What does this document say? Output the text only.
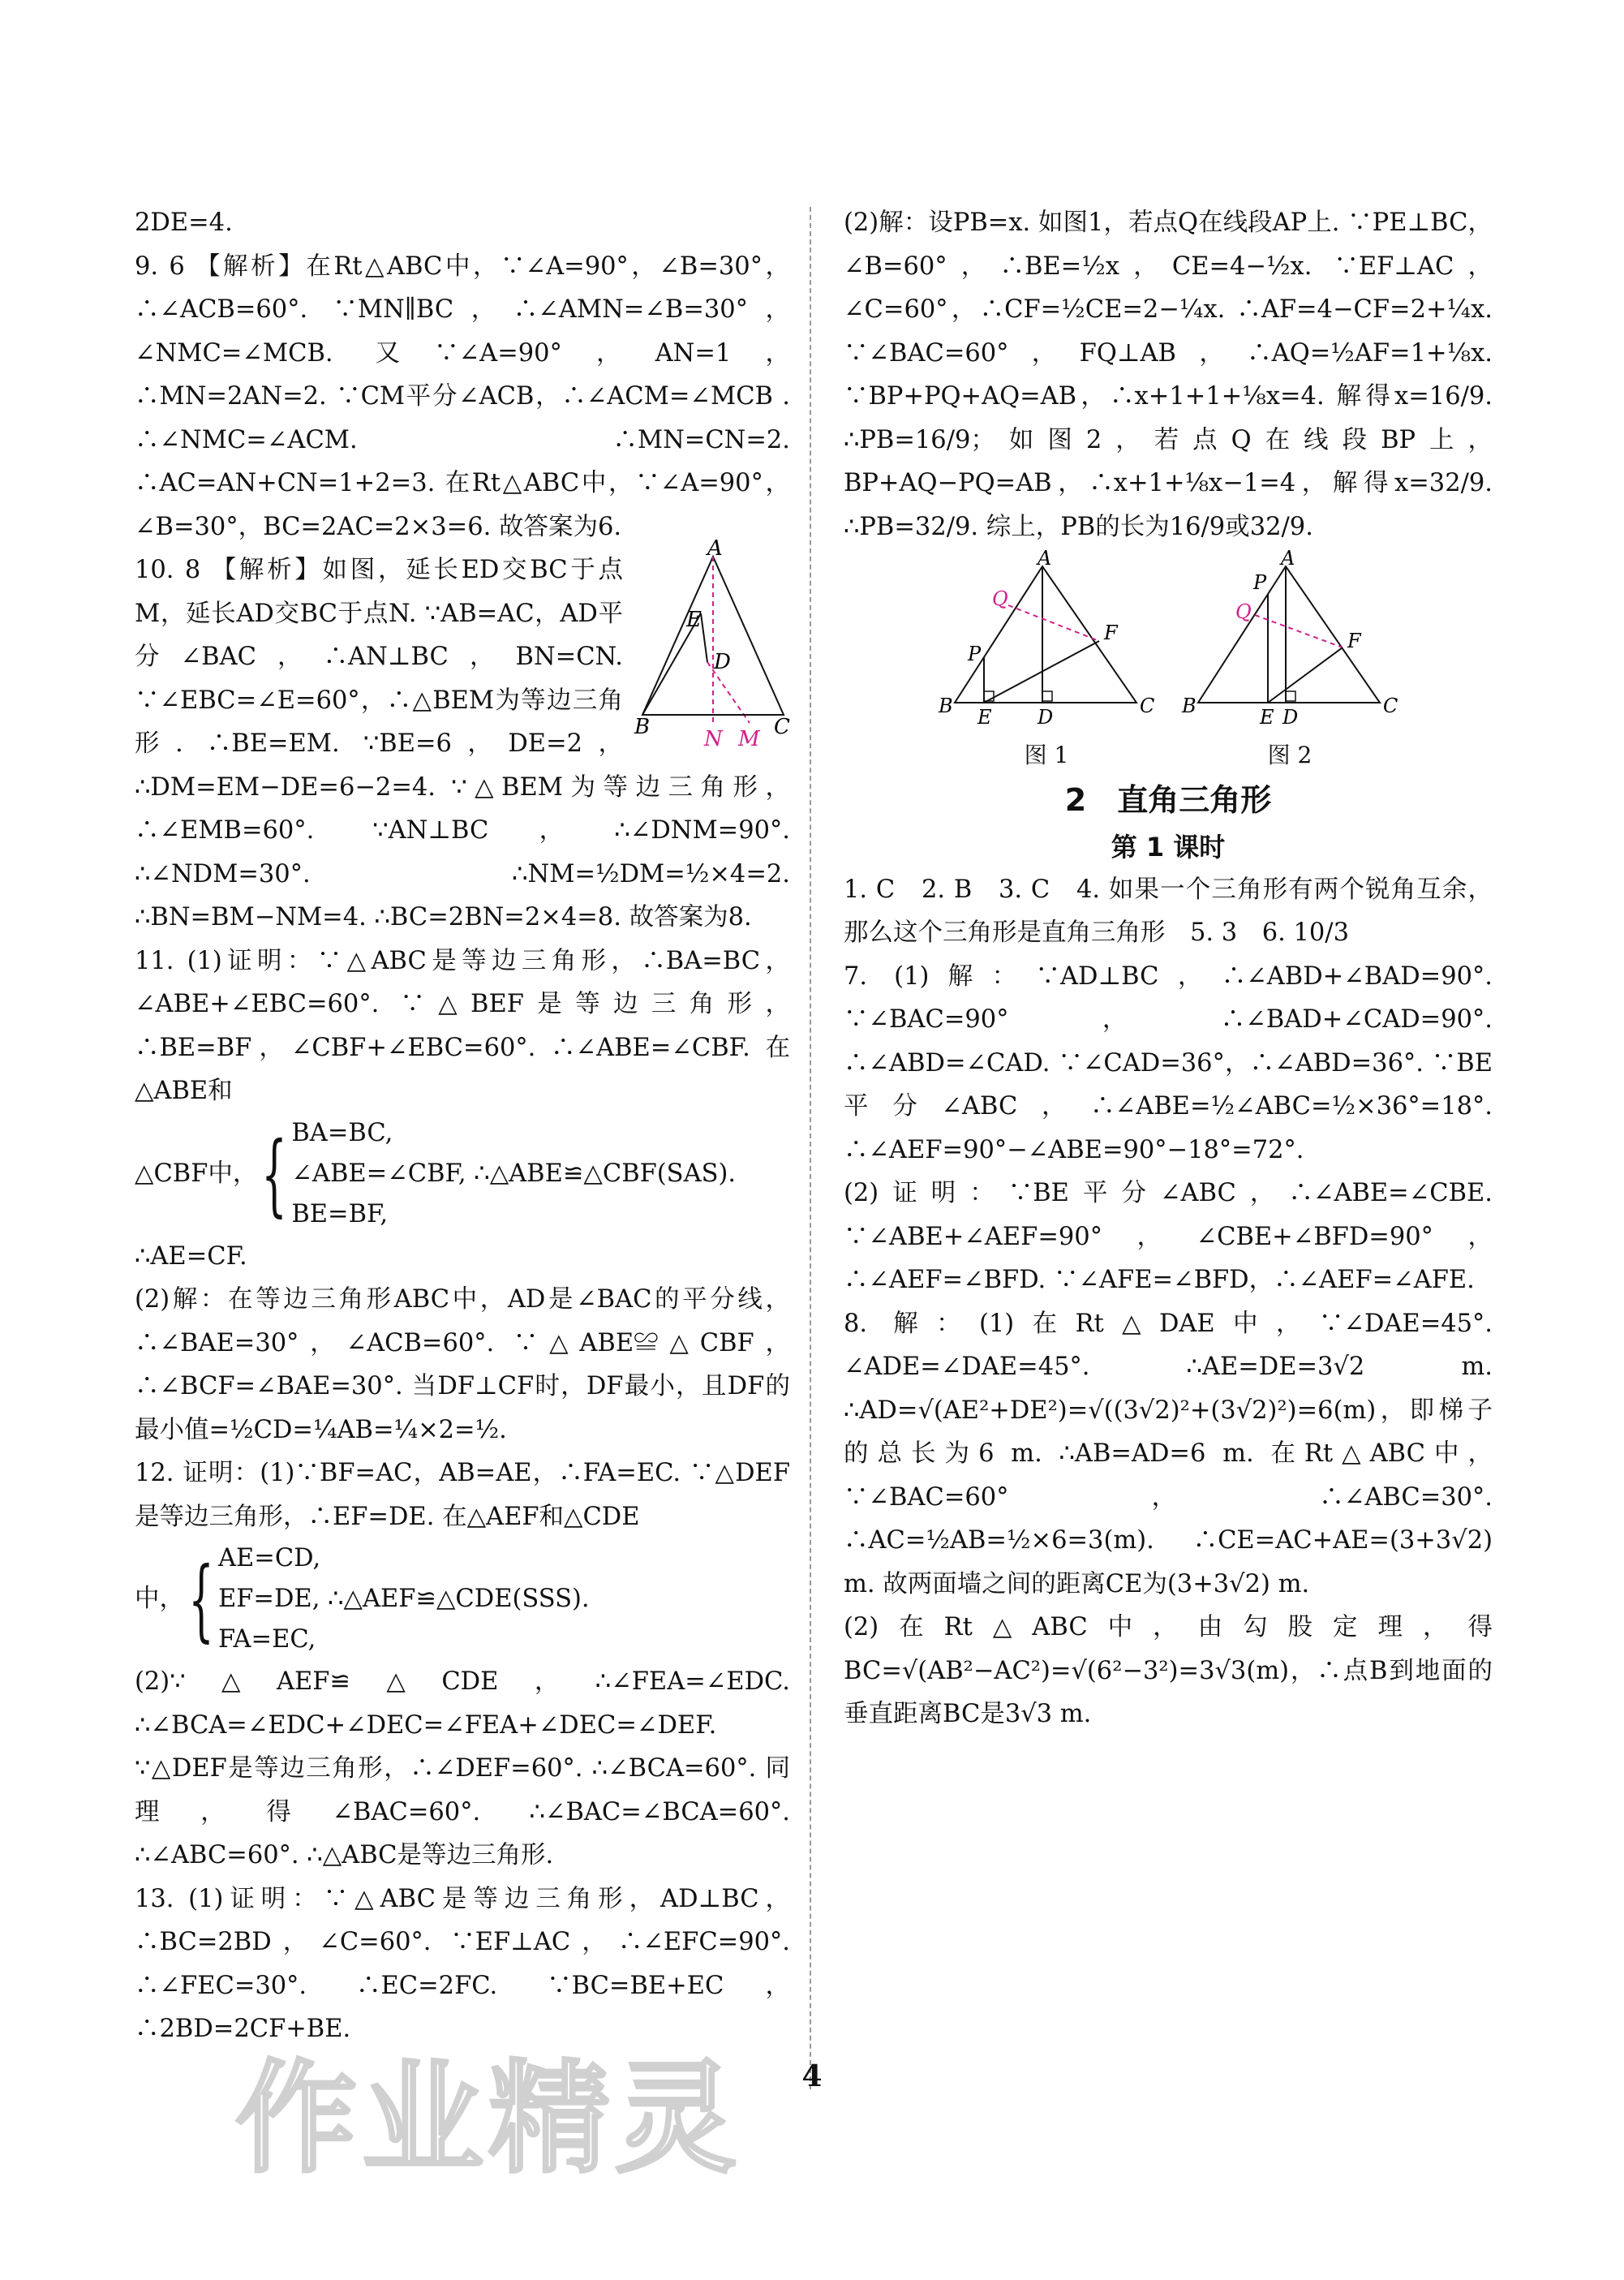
2DE=4.

9. 6 【解析】在Rt△ABC中，∵∠A=90°，∠B=30°，∴∠ACB=60°. ∵MN∥BC，∴∠AMN=∠B=30°，∠NMC=∠MCB. 又∵∠A=90°，AN=1，∴MN=2AN=2. ∵CM平分∠ACB，∴∠ACM=∠MCB . ∴∠NMC=∠ACM. ∴MN=CN=2. ∴AC=AN+CN=1+2=3. 在Rt△ABC中，∵∠A=90°，∠B=30°，BC=2AC=2×3=6. 故答案为6.

A
E
D
B	C
N M

10. 8 【解析】如图，延长ED交BC于点M，延长AD交BC于点N. ∵AB=AC，AD平分∠BAC，∴AN⊥BC，BN=CN. ∵∠EBC=∠E=60°，∴△BEM为等边三角形. ∴BE=EM. ∵BE=6，DE=2，∴DM=EM−DE=6−2=4. ∵△BEM为等边三角形，∴∠EMB=60°. ∵AN⊥BC，∴∠DNM=90°. ∴∠NDM=30°. ∴NM=½DM=½×4=2. ∴BN=BM−NM=4. ∴BC=2BN=2×4=8. 故答案为8.

11. (1)证明：∵△ABC是等边三角形，∴BA=BC，∠ABE+∠EBC=60°. ∵△BEF是等边三角形，∴BE=BF，∠CBF+∠EBC=60°. ∴∠ABE=∠CBF. 在△ABE和

△CBF中， { BA=BC,
∠ABE=∠CBF, ∴△ABE≌△CBF(SAS).
BE=BF,

∴AE=CF.

(2)解：在等边三角形ABC中，AD是∠BAC的平分线，∴∠BAE=30°，∠ACB=60°. ∵△ABE≌△CBF，∴∠BCF=∠BAE=30°. 当DF⊥CF时，DF最小，且DF的最小值=½CD=¼AB=¼×2=½.

12. 证明：(1)∵BF=AC，AB=AE，∴FA=EC. ∵△DEF是等边三角形，∴EF=DE. 在△AEF和△CDE

中， { AE=CD,
EF=DE, ∴△AEF≌△CDE(SSS).
FA=EC,

(2)∵△AEF≌△CDE，∴∠FEA=∠EDC. ∴∠BCA=∠EDC+∠DEC=∠FEA+∠DEC=∠DEF. ∵△DEF是等边三角形，∴∠DEF=60°. ∴∠BCA=60°. 同理，得∠BAC=60°. ∴∠BAC=∠BCA=60°. ∴∠ABC=60°. ∴△ABC是等边三角形.

13. (1)证明：∵△ABC是等边三角形，AD⊥BC，∴BC=2BD，∠C=60°. ∵EF⊥AC，∴∠EFC=90°. ∴∠FEC=30°. ∴EC=2FC. ∵BC=BE+EC，∴2BD=2CF+BE.

(2)解：设PB=x. 如图1，若点Q在线段AP上. ∵PE⊥BC，∠B=60°，∴BE=½x，CE=4−½x. ∵EF⊥AC，∠C=60°，∴CF=½CE=2−¼x. ∴AF=4−CF=2+¼x. ∵∠BAC=60°，FQ⊥AB，∴AQ=½AF=1+⅛x. ∵BP+PQ+AQ=AB，∴x+1+1+⅛x=4. 解得x=16/9. ∴PB=16/9；如图2，若点Q在线段BP上，BP+AQ−PQ=AB，∴x+1+⅛x−1=4，解得x=32/9. ∴PB=32/9. 综上，PB的长为16/9或32/9.

A
Q
P
F
B E D	C
图 1
A
P
Q
F
B	E D	C
图 2
2　直角三角形
第 1 课时

1. C　2. B　3. C　4. 如果一个三角形有两个锐角互余，那么这个三角形是直角三角形　5. 3　6. 10/3

7. (1)解：∵AD⊥BC，∴∠ABD+∠BAD=90°. ∵∠BAC=90°，∴∠BAD+∠CAD=90°. ∴∠ABD=∠CAD. ∵∠CAD=36°，∴∠ABD=36°. ∵BE平分∠ABC，∴∠ABE=½∠ABC=½×36°=18°. ∴∠AEF=90°−∠ABE=90°−18°=72°.

(2)证明：∵BE平分∠ABC，∴∠ABE=∠CBE. ∵∠ABE+∠AEF=90°，∠CBE+∠BFD=90°，∴∠AEF=∠BFD. ∵∠AFE=∠BFD，∴∠AEF=∠AFE.

8. 解：(1)在Rt△DAE中，∵∠DAE=45°. ∠ADE=∠DAE=45°. ∴AE=DE=3√2 m. ∴AD=√(AE²+DE²)=√((3√2)²+(3√2)²)=6(m)，即梯子的总长为6 m. ∴AB=AD=6 m. 在Rt△ABC中，∵∠BAC=60°，∴∠ABC=30°. ∴AC=½AB=½×6=3(m). ∴CE=AC+AE=(3+3√2) m. 故两面墙之间的距离CE为(3+3√2) m.

(2)在Rt△ABC中，由勾股定理，得BC=√(AB²−AC²)=√(6²−3²)=3√3(m)，∴点B到地面的垂直距离BC是3√3 m.

作业精灵	4
